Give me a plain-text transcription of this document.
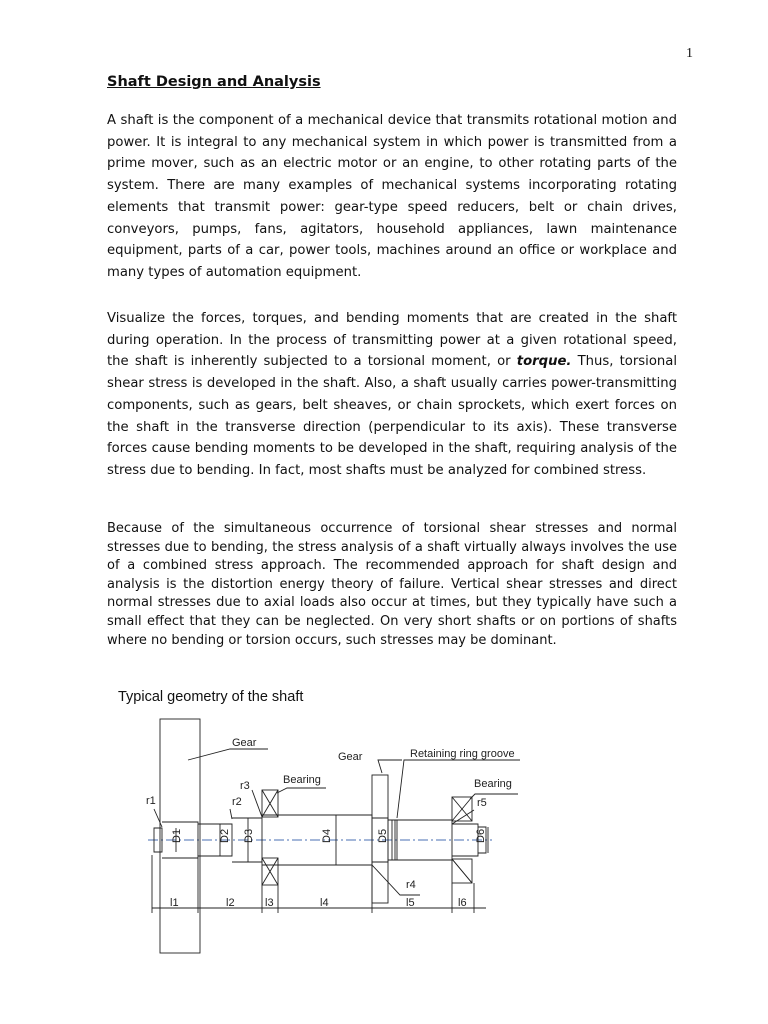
1
Shaft Design and Analysis

A shaft is the component of a mechanical device that transmits rotational motion and power. It is integral to any mechanical system in which power is transmitted from a prime mover, such as an electric motor or an engine, to other rotating parts of the system. There are many examples of mechanical systems incorporating rotating elements that transmit power: gear-type speed reducers, belt or chain drives, conveyors, pumps, fans, agitators, household appliances, lawn maintenance equipment, parts of a car, power tools, machines around an office or workplace and many types of automation equipment.

Visualize the forces, torques, and bending moments that are created in the shaft during operation. In the process of transmitting power at a given rotational speed, the shaft is inherently subjected to a torsional moment, or torque. Thus, torsional shear stress is developed in the shaft. Also, a shaft usually carries power-transmitting components, such as gears, belt sheaves, or chain sprockets, which exert forces on the shaft in the transverse direction (perpendicular to its axis). These transverse forces cause bending moments to be developed in the shaft, requiring analysis of the stress due to bending. In fact, most shafts must be analyzed for combined stress.

Because of the simultaneous occurrence of torsional shear stresses and normal stresses due to bending, the stress analysis of a shaft virtually always involves the use of a combined stress approach. The recommended approach for shaft design and analysis is the distortion energy theory of failure. Vertical shear stresses and direct normal stresses due to axial loads also occur at times, but they typically have such a small effect that they can be neglected. On very short shafts or on portions of shafts where no bending or torsion occurs, such stresses may be dominant.

Typical geometry of the shaft
Gear
Gear	Retaining ring groove
Bearing	Bearing
r1	r2
r3
r4
r5
D1	D2 D3	D4	D5	D6
l1	l2	l3	l4	l5	l6
